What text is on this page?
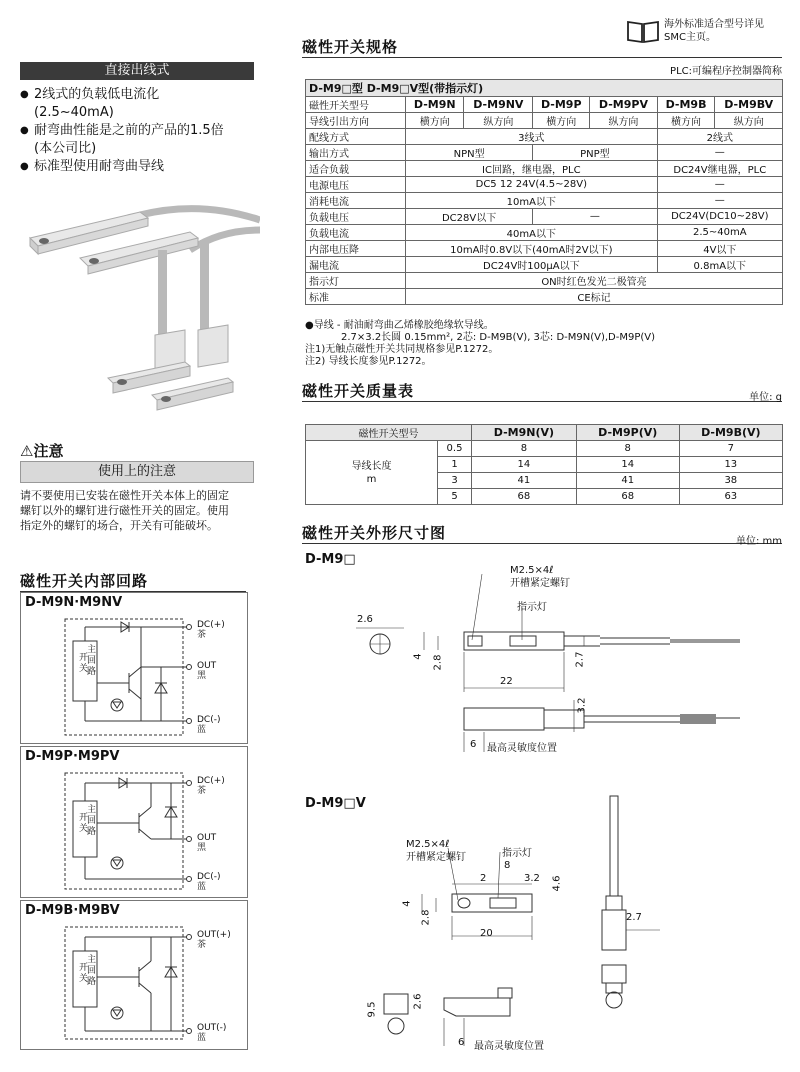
直接出线式
● 2线式的负载低电流化
(2.5~40mA)
● 耐弯曲性能是之前的产品的1.5倍
(本公司比)
● 标准型使用耐弯曲导线
⚠注意
使用上的注意
请不要使用已安装在磁性开关本体上的固定
螺钉以外的螺钉进行磁性开关的固定。使用
指定外的螺钉的场合，开关有可能破坏。
磁性开关内部回路
D-M9N·M9NV
开
关
主
回
路
DC(+)
茶
OUT
黑
DC(-)
蓝
D-M9P·M9PV
开
关
主
回
路
DC(+)
茶
OUT
黑
DC(-)
蓝
D-M9B·M9BV
开
关
主
回
路
OUT(+)
茶
OUT(-)
蓝
海外标准适合型号详见
SMC主页。
磁性开关规格
PLC:可编程序控制器简称
D-M9□型 D-M9□V型(带指示灯)						
磁性开关型号	D-M9N	D-M9NV	D-M9P	D-M9PV	D-M9B	D-M9BV
导线引出方向	横方向	纵方向	横方向	纵方向	横方向	纵方向
配线方式	3线式				2线式	
输出方式	NPN型		PNP型		—	
适合负载	IC回路，继电器，PLC				DC24V继电器，PLC	
电源电压	DC5 12 24V(4.5~28V)				—	
消耗电流	10mA以下				—	
负载电压	DC28V以下		—		DC24V(DC10~28V)	
负载电流	40mA以下				2.5~40mA	
内部电压降	10mA时0.8V以下(40mA时2V以下)				4V以下	
漏电流	DC24V时100μA以下				0.8mA以下	
指示灯	ON时红色发光二极管亮					
标准	CE标记					
●导线 - 耐油耐弯曲乙烯橡胶绝缘软导线。
2.7×3.2长圆 0.15mm², 2芯: D-M9B(V), 3芯: D-M9N(V),D-M9P(V)
注1)无触点磁性开关共同规格参见P.1272。
注2) 导线长度参见P.1272。
磁性开关质量表	单位: g
磁性开关型号		D-M9N(V)	D-M9P(V)	D-M9B(V)

导线长度
m	0.5	8	8	7
	1	14	14	13
	3	41	41	38
	5	68	68	63
磁性开关外形尺寸图	单位: mm
D-M9□
D-M9□V
2.6
4 2.8	2.7
22
3.2
6 最高灵敏度位置
M2.5×4ℓ
开槽紧定螺钉
指示灯
M2.5×4ℓ
开槽紧定螺钉	指示灯
2
8
3.2 4.6
4
2.8
20
2.7
9.5
2.6
6 最高灵敏度位置
